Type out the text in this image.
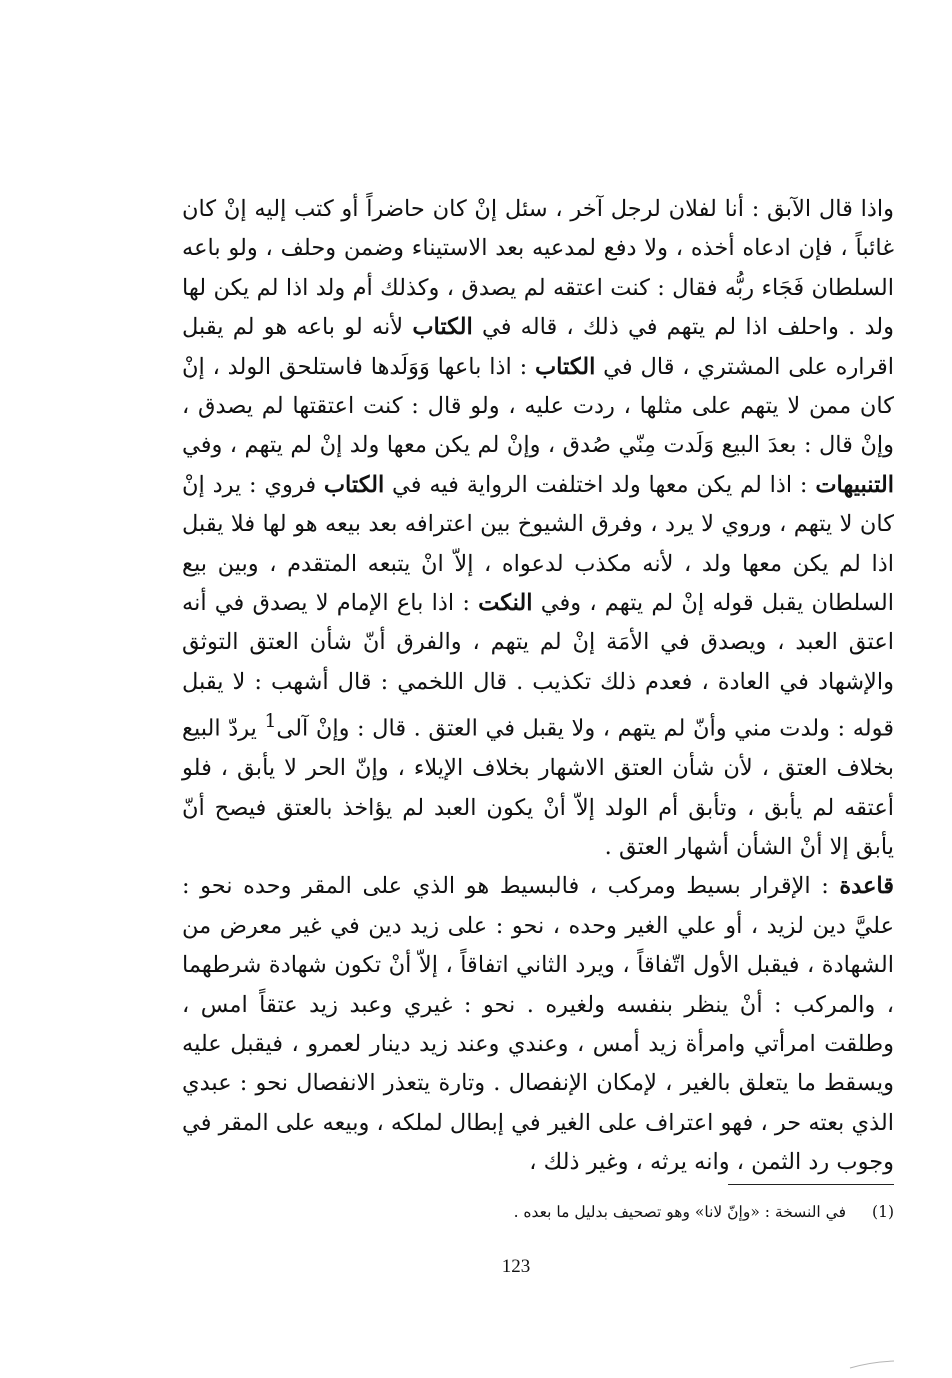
واذا قال الآبق : أنا لفلان لرجل آخر ، سئل إنْ كان حاضراً أو كتب إليه إنْ كان غائباً ، فإن ادعاه أخذه ، ولا دفع لمدعيه بعد الاستيناء وضمن وحلف ، ولو باعه السلطان فَجَاء ربُّه فقال : كنت اعتقه لم يصدق ، وكذلك أم ولد اذا لم يكن لها ولد . واحلف اذا لم يتهم في ذلك ، قاله في الكتاب لأنه لو باعه هو لم يقبل اقراره على المشتري ، قال في الكتاب : اذا باعها وَوَلَدها فاستلحق الولد ، إنْ كان ممن لا يتهم على مثلها ، ردت عليه ، ولو قال : كنت اعتقتها لم يصدق ، وإنْ قال : بعدَ البيع وَلَدت مِنّي صُدق ، وإنْ لم يكن معها ولد إنْ لم يتهم ، وفي التنبيهات : اذا لم يكن معها ولد اختلفت الرواية فيه في الكتاب فروي : يرد إنْ كان لا يتهم ، وروي لا يرد ، وفرق الشيوخ بين اعترافه بعد بيعه هو لها فلا يقبل اذا لم يكن معها ولد ، لأنه مكذب لدعواه ، إلاّ انْ يتبعه المتقدم ، وبين بيع السلطان يقبل قوله إنْ لم يتهم ، وفي النكت : اذا باع الإمام لا يصدق في أنه اعتق العبد ، ويصدق في الأمَة إنْ لم يتهم ، والفرق أنّ شأن العتق التوثق والإشهاد في العادة ، فعدم ذلك تكذيب . قال اللخمي : قال أشهب : لا يقبل قوله : ولدت مني وأنّ لم يتهم ، ولا يقبل في العتق . قال : وإنْ آلى$^1$ يردّ البيع بخلاف العتق ، لأن شأن العتق الاشهار بخلاف الإيلاء ، وإنّ الحر لا يأبق ، فلو أعتقه لم يأبق ، وتأبق أم الولد إلاّ أنْ يكون العبد لم يؤاخذ بالعتق فيصح أنّ يأبق إلا أنْ الشأن أشهار العتق .

قاعدة : الإقرار بسيط ومركب ، فالبسيط هو الذي على المقر وحده نحو : عليَّ دين لزيد ، أو علي الغير وحده ، نحو : على زيد دين في غير معرض من الشهادة ، فيقبل الأول اتّفاقاً ، ويرد الثاني اتفاقاً ، إلاّ أنْ تكون شهادة شرطهما ، والمركب : أنْ ينظر بنفسه ولغيره . نحو : غيري وعبد زيد عتقاً امس ، وطلقت امرأتي وامرأة زيد أمس ، وعندي وعند زيد دينار لعمرو ، فيقبل عليه ويسقط ما يتعلق بالغير ، لإمكان الإنفصال . وتارة يتعذر الانفصال نحو : عبدي الذي بعته حر ، فهو اعتراف على الغير في إبطال لملكه ، وبيعه على المقر في وجوب رد الثمن ، وانه يرثه ، وغير ذلك ،

(1)في النسخة : «وإنّ لانا» وهو تصحيف بدليل ما بعده .
123
